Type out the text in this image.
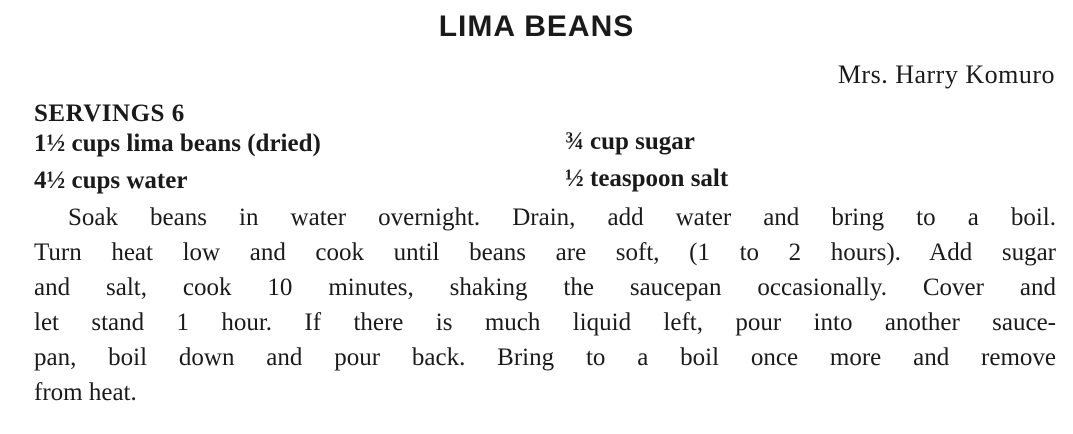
LIMA BEANS
Mrs. Harry Komuro
SERVINGS 6
1½ cups lima beans (dried)
4½ cups water
¾ cup sugar
½ teaspoon salt
Soak beans in water overnight. Drain, add water and bring to a boil.
Turn heat low and cook until beans are soft, (1 to 2 hours). Add sugar
and salt, cook 10 minutes, shaking the saucepan occasionally. Cover and
let stand 1 hour. If there is much liquid left, pour into another sauce-
pan, boil down and pour back. Bring to a boil once more and remove
from heat.
